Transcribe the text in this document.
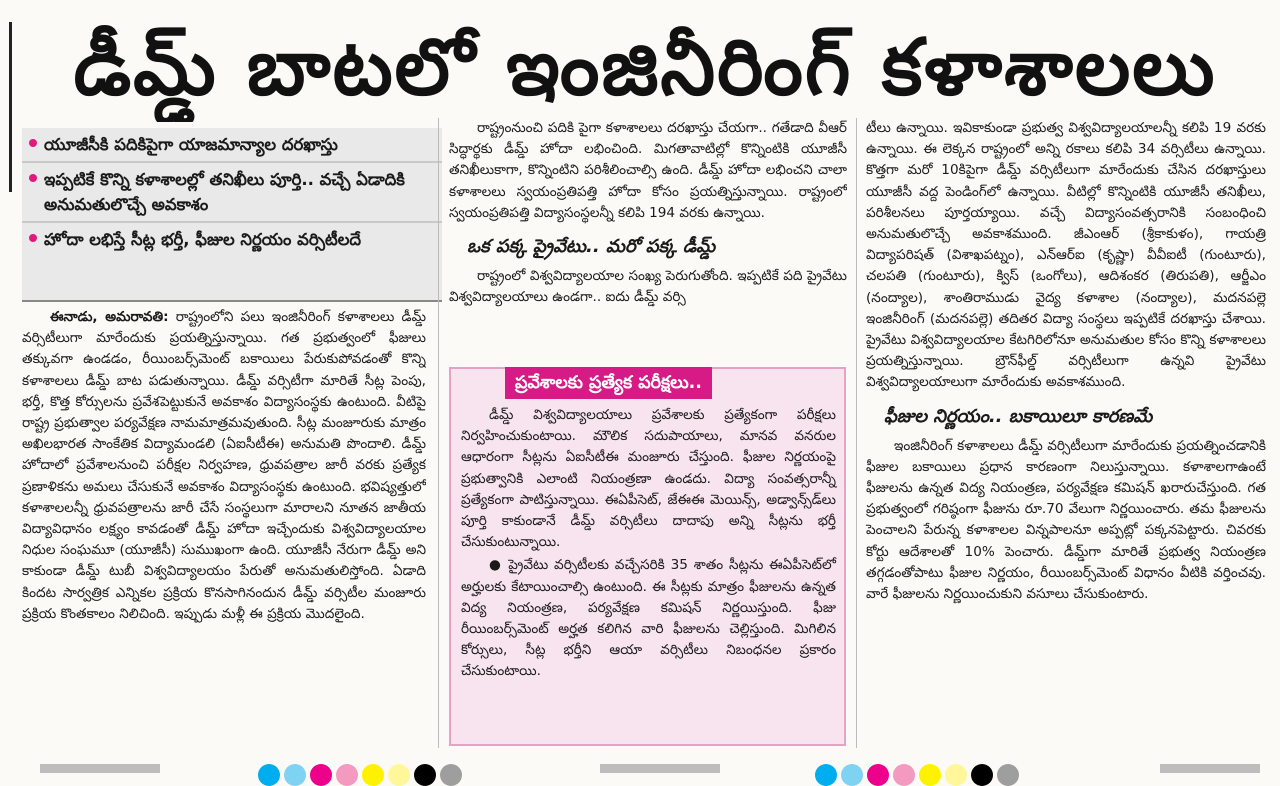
డీమ్డ్ బాటలో ఇంజినీరింగ్ కళాశాలలు
యూజీసీకి పదికిపైగా యాజమాన్యాల దరఖాస్తు
ఇప్పటికే కొన్ని కళాశాలల్లో తనిఖీలు పూర్తి.. వచ్చే ఏడాదికి అనుమతులొచ్చే అవకాశం
హోదా లభిస్తే సీట్ల భర్తీ, ఫీజుల నిర్ణయం వర్సిటీలదే

ఈనాడు, అమరావతి: రాష్ట్రంలోని పలు ఇంజినీరింగ్ కళాశాలలు డీమ్డ్ వర్సిటీలుగా మారేందుకు ప్రయత్నిస్తున్నాయి. గత ప్రభుత్వంలో ఫీజులు తక్కువగా ఉండడం, రీయింబర్స్‌మెంట్ బకాయిలు పేరుకుపోవడంతో కొన్ని కళాశాలలు డీమ్డ్ బాట పడుతున్నాయి. డీమ్డ్ వర్సిటీగా మారితే సీట్ల పెంపు, భర్తీ, కొత్త కోర్సులను ప్రవేశపెట్టుకునే అవకాశం విద్యాసంస్థకు ఉంటుంది. వీటిపై రాష్ట్ర ప్రభుత్వాల పర్యవేక్షణ నామమాత్రమవుతుంది. సీట్ల మంజూరుకు మాత్రం అఖిలభారత సాంకేతిక విద్యామండలి (ఏఐసీటీఈ) అనుమతి పొందాలి. డీమ్డ్ హోదాలో ప్రవేశాలనుంచి పరీక్షల నిర్వహణ, ధ్రువపత్రాల జారీ వరకు ప్రత్యేక ప్రణాళికను అమలు చేసుకునే అవకాశం విద్యాసంస్థకు ఉంటుంది. భవిష్యత్తులో కళాశాలలన్నీ ధ్రువపత్రాలను జారీ చేసే సంస్థలుగా మారాలని నూతన జాతీయ విద్యావిధానం లక్ష్యం కావడంతో డీమ్డ్ హోదా ఇచ్చేందుకు విశ్వవిద్యాలయాల నిధుల సంఘమూ (యూజీసీ) సుముఖంగా ఉంది. యూజీసీ నేరుగా డీమ్డ్ అని కాకుండా డీమ్డ్ టుబీ విశ్వవిద్యాలయం పేరుతో అనుమతులిస్తోంది. ఏడాది కిందట సార్వత్రిక ఎన్నికల ప్రక్రియ కొనసాగినందున డీమ్డ్ వర్సిటీల మంజూరు ప్రక్రియ కొంతకాలం నిలిచింది. ఇప్పుడు మళ్లీ ఈ ప్రక్రియ మొదలైంది.

రాష్ట్రంనుంచి పదికి పైగా కళాశాలలు దరఖాస్తు చేయగా.. గతేడాది వీఆర్ సిద్ధార్థకు డీమ్డ్ హోదా లభించింది. మిగతావాటిల్లో కొన్నింటికి యూజీసీ తనిఖీలుకాగా, కొన్నింటిని పరిశీలించాల్సి ఉంది. డీమ్డ్ హోదా లభించని చాలా కళాశాలలు స్వయంప్రతిపత్తి హోదా కోసం ప్రయత్నిస్తున్నాయి. రాష్ట్రంలో స్వయంప్రతిపత్తి విద్యాసంస్థలన్నీ కలిపి 194 వరకు ఉన్నాయి.

ఒక పక్క ప్రైవేటు.. మరో పక్క డీమ్డ్

రాష్ట్రంలో విశ్వవిద్యాలయాల సంఖ్య పెరుగుతోంది. ఇప్పటికే పది ప్రైవేటు విశ్వవిద్యాలయాలు ఉండగా.. ఐదు డీమ్డ్ వర్సి

ప్రవేశాలకు ప్రత్యేక పరీక్షలు..

డీమ్డ్ విశ్వవిద్యాలయాలు ప్రవేశాలకు ప్రత్యేకంగా పరీక్షలు నిర్వహించుకుంటాయి. మౌలిక సదుపాయాలు, మానవ వనరుల ఆధారంగా సీట్లను ఏఐసీటీఈ మంజూరు చేస్తుంది. ఫీజుల నిర్ణయంపై ప్రభుత్వానికి ఎలాంటి నియంత్రణా ఉండదు. విద్యా సంవత్సరాన్నీ ప్రత్యేకంగా పాటిస్తున్నాయి. ఈఏపీసెట్, జేఈఈ మెయిన్స్, అడ్వాన్స్‌డ్‌లు పూర్తి కాకుండానే డీమ్డ్ వర్సిటీలు దాదాపు అన్ని సీట్లను భర్తీ చేసుకుంటున్నాయి.

● ప్రైవేటు వర్సిటీలకు వచ్చేసరికి 35 శాతం సీట్లను ఈఏపీసెట్‌లో అర్హులకు కేటాయించాల్సి ఉంటుంది. ఈ సీట్లకు మాత్రం ఫీజులను ఉన్నత విద్య నియంత్రణ, పర్యవేక్షణ కమిషన్ నిర్ణయిస్తుంది. ఫీజు రీయింబర్స్‌మెంట్ అర్హత కలిగిన వారి ఫీజులను చెల్లిస్తుంది. మిగిలిన కోర్సులు, సీట్ల భర్తీని ఆయా వర్సిటీలు నిబంధనల ప్రకారం చేసుకుంటాయి.

టీలు ఉన్నాయి. ఇవికాకుండా ప్రభుత్వ విశ్వవిద్యాలయాలన్నీ కలిపి 19 వరకు ఉన్నాయి. ఈ లెక్కన రాష్ట్రంలో అన్ని రకాలు కలిపి 34 వర్సిటీలు ఉన్నాయి. కొత్తగా మరో 10కిపైగా డీమ్డ్ వర్సిటీలుగా మారేందుకు చేసిన దరఖాస్తులు యూజీసీ వద్ద పెండింగ్‌లో ఉన్నాయి. వీటిల్లో కొన్నింటికి యూజీసీ తనిఖీలు, పరిశీలనలు పూర్తయ్యాయి. వచ్చే విద్యాసంవత్సరానికి సంబంధించి అనుమతులొచ్చే అవకాశముంది. జీఎంఆర్ (శ్రీకాకుళం), గాయత్రి విద్యాపరిషత్ (విశాఖపట్నం), ఎన్ఆర్ఐ (కృష్ణా) వీవీఐటీ (గుంటూరు), చలపతి (గుంటూరు), క్విస్ (ఒంగోలు), ఆదిశంకర (తిరుపతి), ఆర్జీఎం (నంద్యాల), శాంతిరాముడు వైద్య కళాశాల (నంద్యాల), మదనపల్లె ఇంజినీరింగ్ (మదనపల్లె) తదితర విద్యా సంస్థలు ఇప్పటికే దరఖాస్తు చేశాయి. ప్రైవేటు విశ్వవిద్యాలయాల కేటగిరిలోనూ అనుమతుల కోసం కొన్ని కళాశాలలు ప్రయత్నిస్తున్నాయి. బ్రౌన్‌ఫీల్డ్ వర్సిటీలుగా ఉన్నవి ప్రైవేటు విశ్వవిద్యాలయాలుగా మారేందుకు అవకాశముంది.

ఫీజుల నిర్ణయం.. బకాయిలూ కారణమే

ఇంజినీరింగ్ కళాశాలలు డీమ్డ్ వర్సిటీలుగా మారేందుకు ప్రయత్నించడానికి ఫీజుల బకాయిలు ప్రధాన కారణంగా నిలుస్తున్నాయి. కళాశాలగాఉంటే ఫీజులను ఉన్నత విద్య నియంత్రణ, పర్యవేక్షణ కమిషన్ ఖరారుచేస్తుంది. గత ప్రభుత్వంలో గరిష్ఠంగా ఫీజును రూ.70 వేలుగా నిర్ణయించారు. తమ ఫీజులను పెంచాలని పేరున్న కళాశాలల విన్నపాలనూ అప్పట్లో పక్కనపెట్టారు. చివరకు కోర్టు ఆదేశాలతో 10% పెంచారు. డీమ్డ్‌గా మారితే ప్రభుత్వ నియంత్రణ తగ్గడంతోపాటు ఫీజుల నిర్ణయం, రీయింబర్స్‌మెంట్ విధానం వీటికి వర్తించవు. వారే ఫీజులను నిర్ణయించుకుని వసూలు చేసుకుంటారు.
